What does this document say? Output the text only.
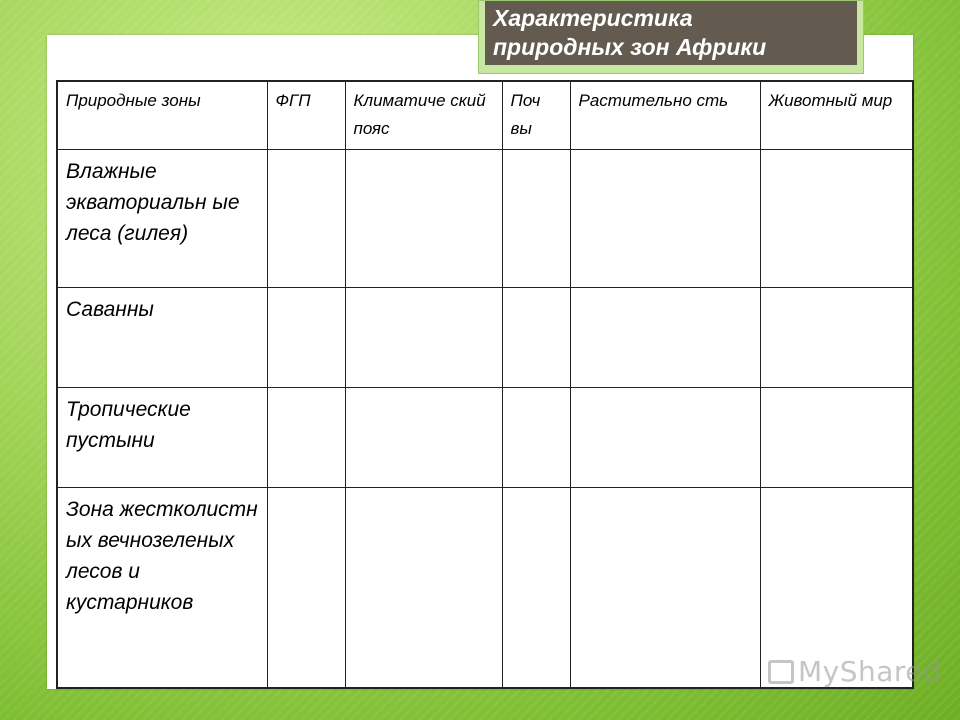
Характеристика
природных зон Африки
Природные зоны	ФГП	Климатиче ский пояс	Поч вы	Растительно сть	Животный мир
Влажные экваториальн ые леса (гилея)					
Саванны					
Тропические пустыни					
Зона жестколистн ых вечнозеленых лесов и кустарников					
MyShared
